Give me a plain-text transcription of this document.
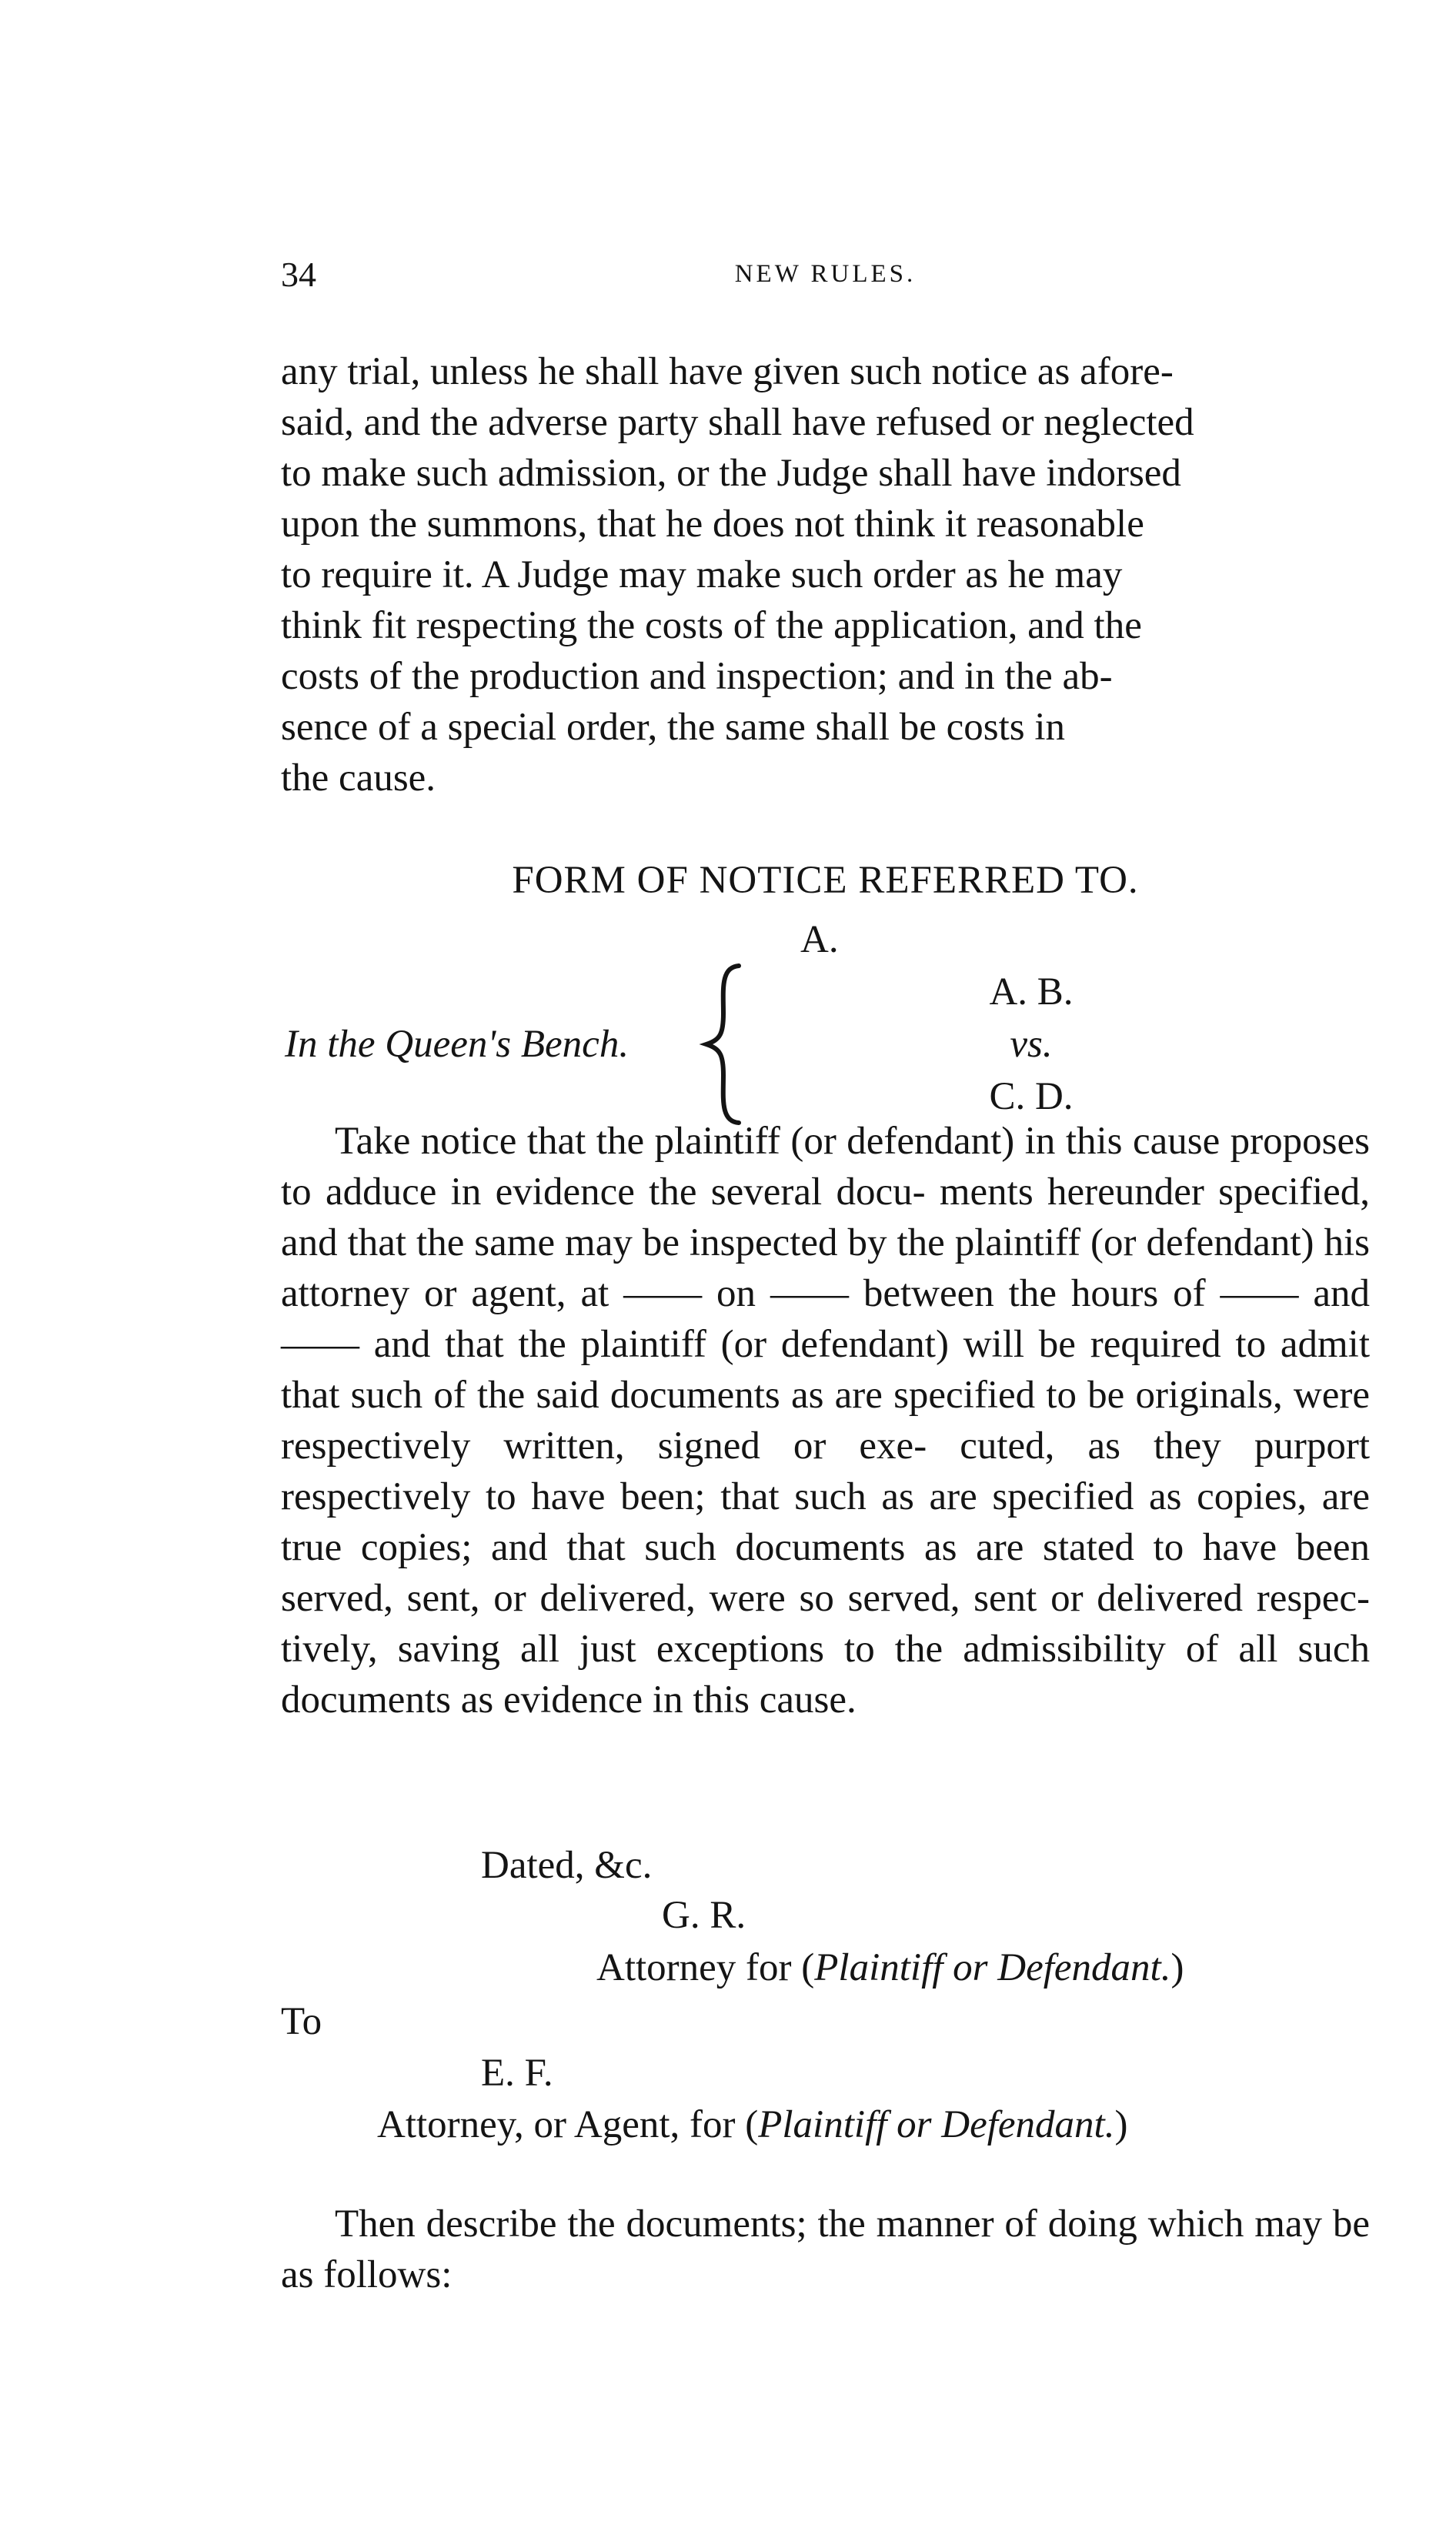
34	NEW RULES.
any trial, unless he shall have given such notice as afore-
said, and the adverse party shall have refused or neglected
to make such admission, or the Judge shall have indorsed
upon the summons, that he does not think it reasonable
to require it. A Judge may make such order as he may
think fit respecting the costs of the application, and the
costs of the production and inspection; and in the ab-
sence of a special order, the same shall be costs in
the cause.
FORM OF NOTICE REFERRED TO.
A.
In the Queen's Bench.
A. B.
vs.
C. D.
Take notice that the plaintiff (or defendant) in this cause proposes to adduce in evidence the several docu- ments hereunder specified, and that the same may be inspected by the plaintiff (or defendant) his attorney or agent, at —— on —— between the hours of —— and —— and that the plaintiff (or defendant) will be required to admit that such of the said documents as are specified to be originals, were respectively written, signed or exe- cuted, as they purport respectively to have been; that such as are specified as copies, are true copies; and that such documents as are stated to have been served, sent, or delivered, were so served, sent or delivered respec- tively, saving all just exceptions to the admissibility of all such documents as evidence in this cause.
Dated, &c.
G. R.
Attorney for (Plaintiff or Defendant.)
To
E. F.
Attorney, or Agent, for (Plaintiff or Defendant.)
Then describe the documents; the manner of doing which may be as follows:
